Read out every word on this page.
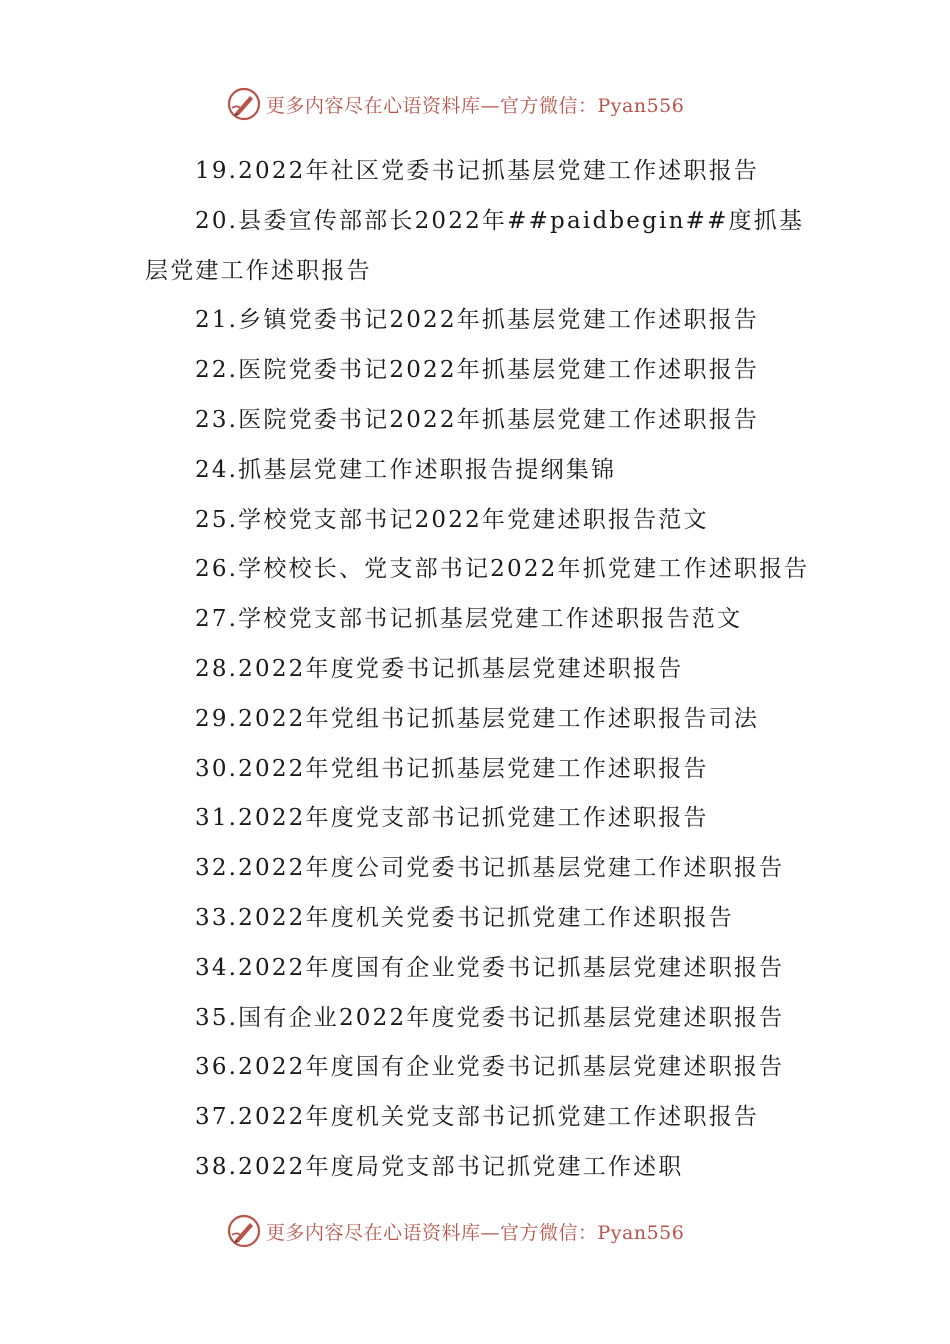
更多内容尽在心语资料库—官方微信：Pyan556
19.2022年社区党委书记抓基层党建工作述职报告
20.县委宣传部部长2022年##paidbegin##度抓基层党建工作述职报告
21.乡镇党委书记2022年抓基层党建工作述职报告
22.医院党委书记2022年抓基层党建工作述职报告
23.医院党委书记2022年抓基层党建工作述职报告
24.抓基层党建工作述职报告提纲集锦
25.学校党支部书记2022年党建述职报告范文
26.学校校长、党支部书记2022年抓党建工作述职报告
27.学校党支部书记抓基层党建工作述职报告范文
28.2022年度党委书记抓基层党建述职报告
29.2022年党组书记抓基层党建工作述职报告司法
30.2022年党组书记抓基层党建工作述职报告
31.2022年度党支部书记抓党建工作述职报告
32.2022年度公司党委书记抓基层党建工作述职报告
33.2022年度机关党委书记抓党建工作述职报告
34.2022年度国有企业党委书记抓基层党建述职报告
35.国有企业2022年度党委书记抓基层党建述职报告
36.2022年度国有企业党委书记抓基层党建述职报告
37.2022年度机关党支部书记抓党建工作述职报告
38.2022年度局党支部书记抓党建工作述职
更多内容尽在心语资料库—官方微信：Pyan556
